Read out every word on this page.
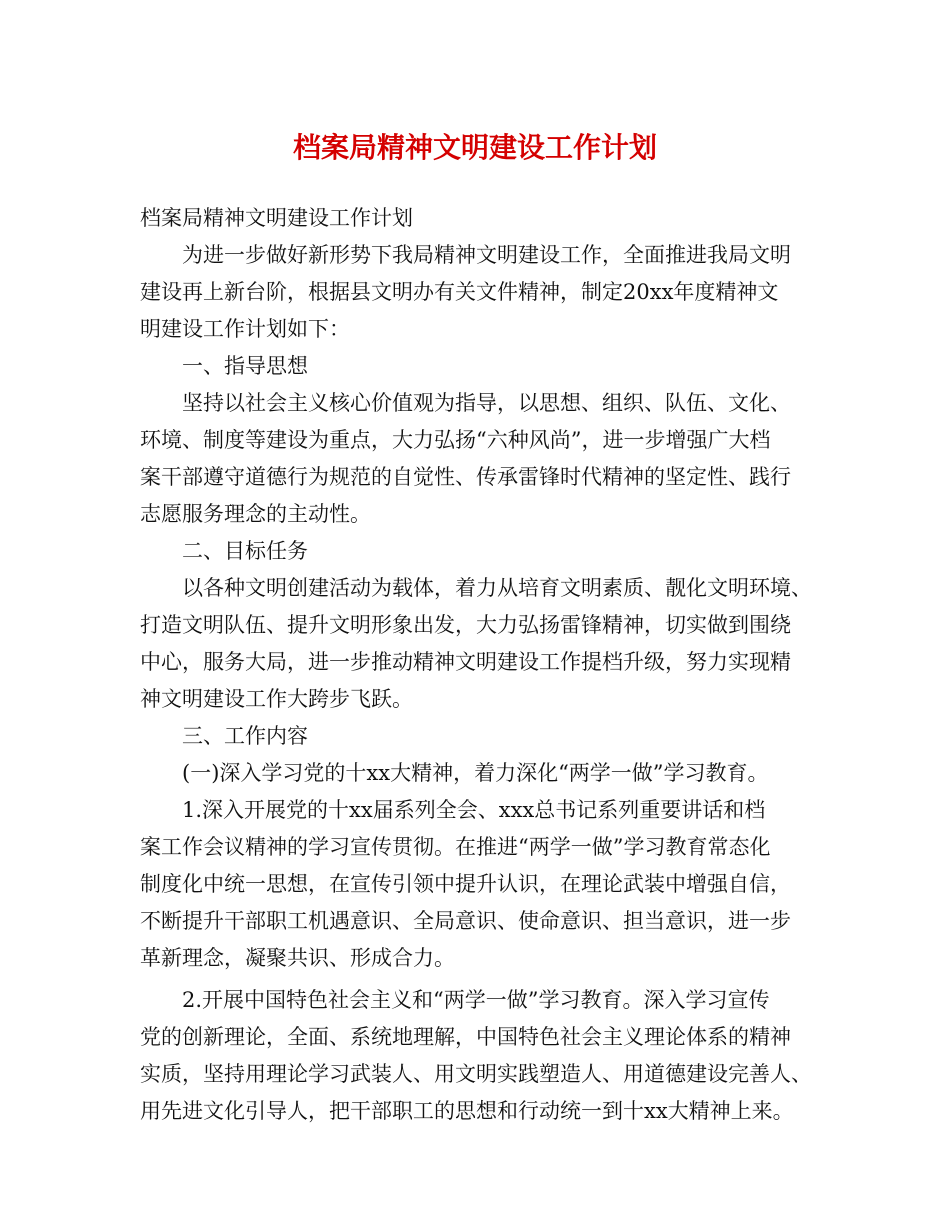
档案局精神文明建设工作计划
档案局精神文明建设工作计划
为进一步做好新形势下我局精神文明建设工作，全面推进我局文明
建设再上新台阶，根据县文明办有关文件精神，制定20xx年度精神文
明建设工作计划如下：
一、指导思想
坚持以社会主义核心价值观为指导，以思想、组织、队伍、文化、
环境、制度等建设为重点，大力弘扬“六种风尚”，进一步增强广大档
案干部遵守道德行为规范的自觉性、传承雷锋时代精神的坚定性、践行
志愿服务理念的主动性。
二、目标任务
以各种文明创建活动为载体，着力从培育文明素质、靓化文明环境、
打造文明队伍、提升文明形象出发，大力弘扬雷锋精神，切实做到围绕
中心，服务大局，进一步推动精神文明建设工作提档升级，努力实现精
神文明建设工作大跨步飞跃。
三、工作内容
(一)深入学习党的十xx大精神，着力深化“两学一做”学习教育。
1.深入开展党的十xx届系列全会、xxx总书记系列重要讲话和档
案工作会议精神的学习宣传贯彻。在推进“两学一做”学习教育常态化
制度化中统一思想，在宣传引领中提升认识，在理论武装中增强自信，
不断提升干部职工机遇意识、全局意识、使命意识、担当意识，进一步
革新理念，凝聚共识、形成合力。
2.开展中国特色社会主义和“两学一做”学习教育。深入学习宣传
党的创新理论，全面、系统地理解，中国特色社会主义理论体系的精神
实质，坚持用理论学习武装人、用文明实践塑造人、用道德建设完善人、
用先进文化引导人，把干部职工的思想和行动统一到十xx大精神上来。
